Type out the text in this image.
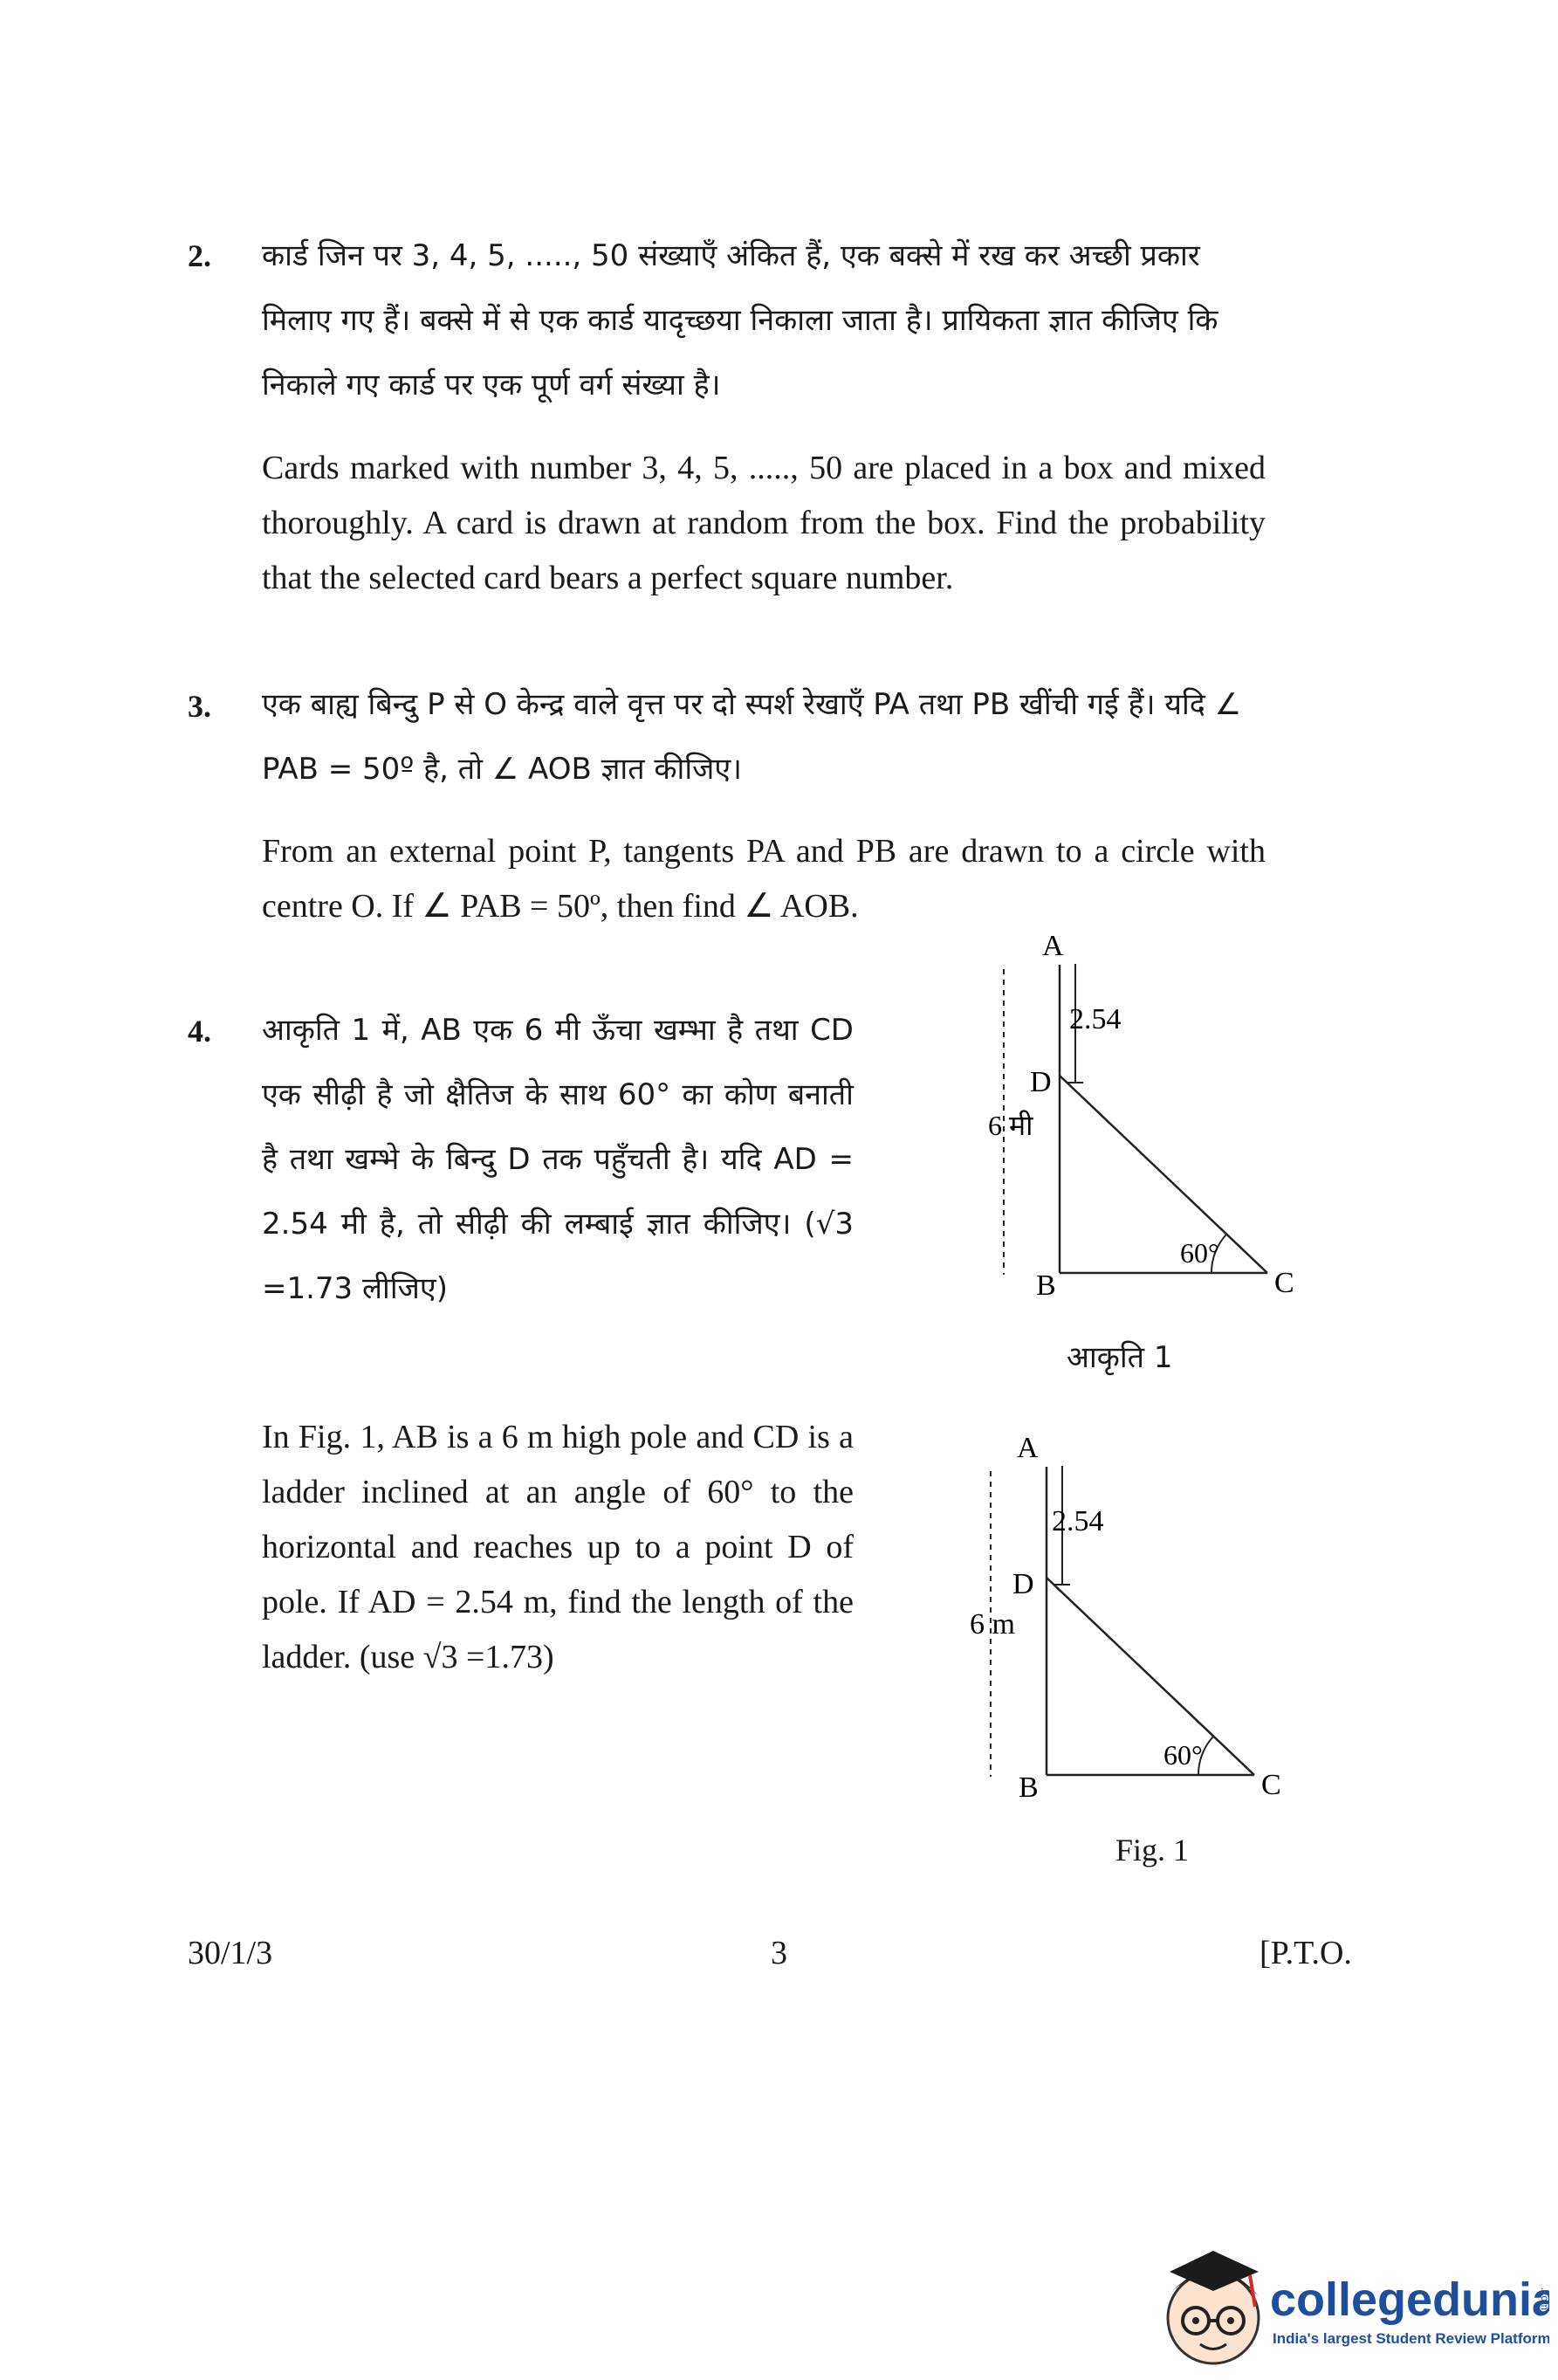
2. कार्ड जिन पर 3, 4, 5, ....., 50 संख्याएँ अंकित हैं, एक बक्से में रख कर अच्छी प्रकार मिलाए गए हैं। बक्से में से एक कार्ड यादृच्छया निकाला जाता है। प्रायिकता ज्ञात कीजिए कि निकाले गए कार्ड पर एक पूर्ण वर्ग संख्या है।
Cards marked with number 3, 4, 5, ....., 50 are placed in a box and mixed thoroughly. A card is drawn at random from the box. Find the probability that the selected card bears a perfect square number.
3. एक बाह्य बिन्दु P से O केन्द्र वाले वृत्त पर दो स्पर्श रेखाएँ PA तथा PB खींची गई हैं। यदि ∠ PAB = 50º है, तो ∠ AOB ज्ञात कीजिए।
From an external point P, tangents PA and PB are drawn to a circle with centre O. If ∠ PAB = 50º, then find ∠ AOB.
4. आकृति 1 में, AB एक 6 मी ऊँचा खम्भा है तथा CD एक सीढ़ी है जो क्षैतिज के साथ 60° का कोण बनाती है तथा खम्भे के बिन्दु D तक पहुँचती है। यदि AD = 2.54 मी है, तो सीढ़ी की लम्बाई ज्ञात कीजिए। (√3 =1.73 लीजिए)
In Fig. 1, AB is a 6 m high pole and CD is a ladder inclined at an angle of 60° to the horizontal and reaches up to a point D of pole. If AD = 2.54 m, find the length of the ladder. (use √3 =1.73)
A
D
B	C
2.54
6 मी
60°
आकृति 1
A
D
B	C
2.54
6 m
60°
Fig. 1
30/1/3	3	[P.T.O.
collegedunia
.com
India's largest Student Review Platform
